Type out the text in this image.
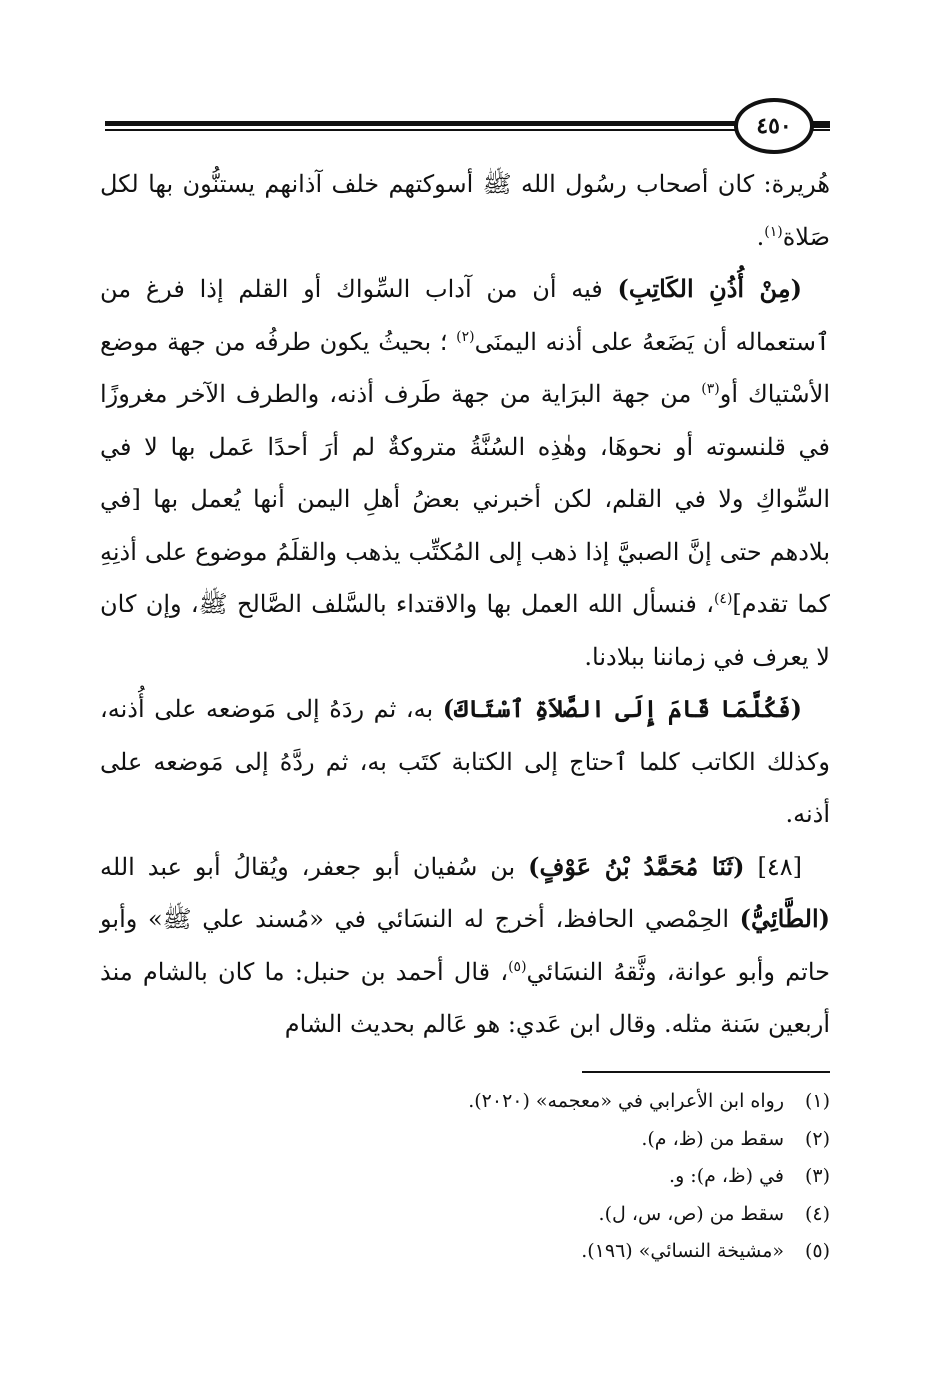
٤٥٠

هُريرة: كان أصحاب رسُول الله ﷺ أسوكتهم خلف آذانهم يستنُّون بها لكل صَلاة$^{(١)}$.

(مِنْ أُذُنِ الكَاتِبِ) فيه أن من آداب السِّواك أو القلم إذا فرغ من ٱستعماله أن يَضَعهُ على أذنه اليمنَى$^{(٢)}$ ؛ بحيثُ يكون طرفُه من جهة موضع الأسْتياك أو$^{(٣)}$ من جهة البرَاية من جهة طَرف أذنه، والطرف الآخر مغروزًا في قلنسوته أو نحوهَا، وهٰذِه السُنَّةُ متروكةٌ لم أرَ أحدًا عَمل بها لا في السِّواكِ ولا في القلم، لكن أخبرني بعضُ أهلِ اليمن أنها يُعمل بها [في بلادهم حتى إنَّ الصبيَّ إذا ذهب إلى المُكتِّب يذهب والقلَمُ موضوع على أذنِهِ كما تقدم]$^{(٤)}$، فنسأل الله العمل بها والاقتداء بالسَّلف الصَّالح ﷺ، وإن كان لا يعرف في زماننا ببلادنا.

(فَكُلَّمَا قَامَ إِلَى الصَّلاَةِ ٱسْتَاكَ) به، ثم ردَهُ إلى مَوضعه على أُذنه، وكذلك الكاتب كلما ٱحتاج إلى الكتابة كتَب به، ثم ردَّهُ إلى مَوضعه على أذنه.

[٤٨] (ثَنَا مُحَمَّدُ بْنُ عَوْفٍ) بن سُفيان أبو جعفر، ويُقالُ أبو عبد الله (الطَّائِيُّ) الحِمْصي الحافظ، أخرج له النسَائي في «مُسند علي ﷺ» وأبو حاتم وأبو عوانة، وثَّقهُ النسَائي$^{(٥)}$، قال أحمد بن حنبل: ما كان بالشام منذ أربعين سَنة مثله. وقال ابن عَدي: هو عَالم بحديث الشام

(١)
رواه ابن الأعرابي في «معجمه» (٢٠٢٠).
(٢)
سقط من (ظ، م).
(٣)
في (ظ، م): و.
(٤)
سقط من (ص، س، ل).
(٥)
«مشيخة النسائي» (١٩٦).
